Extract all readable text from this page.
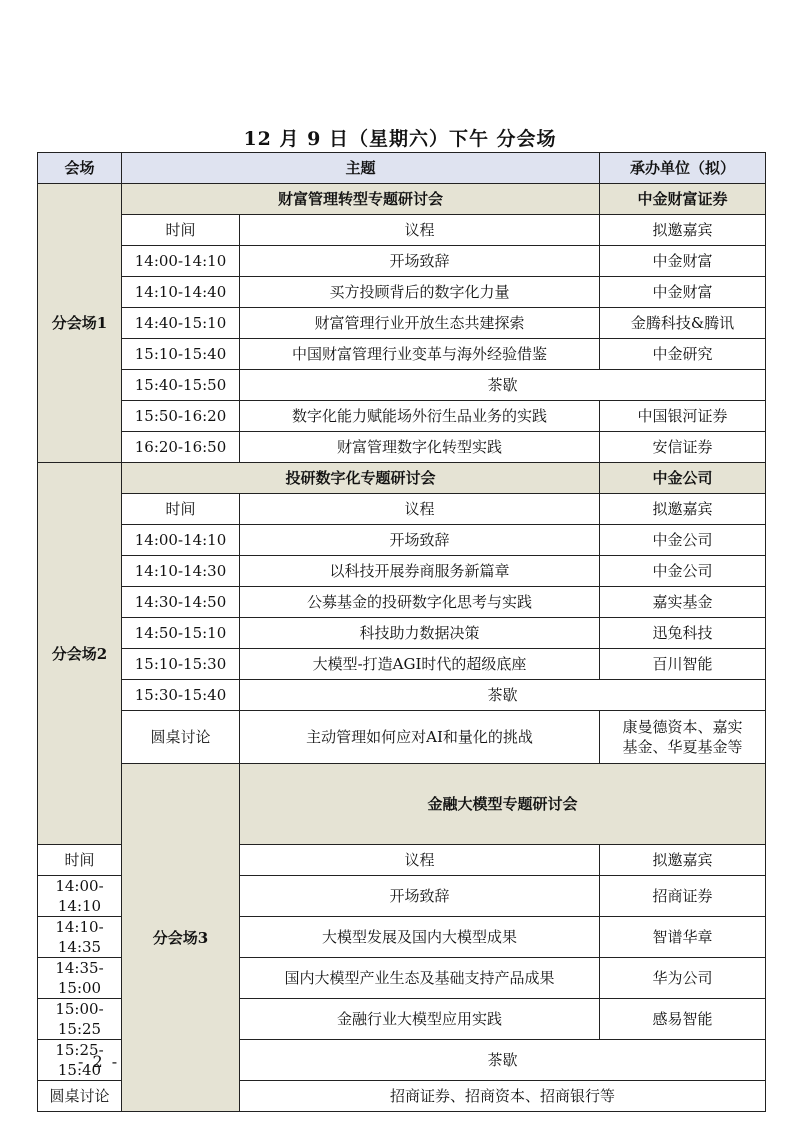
12 月 9 日（星期六）下午 分会场
会场	主题		承办单位（拟）	
分会场1	财富管理转型专题研讨会		中金财富证券	
	时间	议程	拟邀嘉宾	
	14:00-14:10	开场致辞	中金财富	
	14:10-14:40	买方投顾背后的数字化力量	中金财富	
	14:40-15:10	财富管理行业开放生态共建探索	金腾科技&腾讯	
	15:10-15:40	中国财富管理行业变革与海外经验借鉴	中金研究	
	15:40-15:50	茶歇		
	15:50-16:20	数字化能力赋能场外衍生品业务的实践	中国银河证券	
	16:20-16:50	财富管理数字化转型实践	安信证券	
分会场2	投研数字化专题研讨会		中金公司	
	时间	议程	拟邀嘉宾	
	14:00-14:10	开场致辞	中金公司	
	14:10-14:30	以科技开展券商服务新篇章	中金公司	
	14:30-14:50	公募基金的投研数字化思考与实践	嘉实基金	
	14:50-15:10	科技助力数据决策	迅兔科技	
	15:10-15:30	大模型-打造AGI时代的超级底座	百川智能	
	15:30-15:40	茶歇		
	圆桌讨论	主动管理如何应对AI和量化的挑战	康曼德资本、嘉实
基金、华夏基金等	

	分会场3	金融大模型专题研讨会	
时间		议程	拟邀嘉宾	
14:00-14:10		开场致辞	招商证券	
14:10-14:35		大模型发展及国内大模型成果	智谱华章	
14:35-15:00		国内大模型产业生态及基础支持产品成果	华为公司	
15:00-15:25		金融行业大模型应用实践	感易智能	
15:25-15:40		茶歇		
圆桌讨论		招商证券、招商资本、招商银行等		
- 2 -
